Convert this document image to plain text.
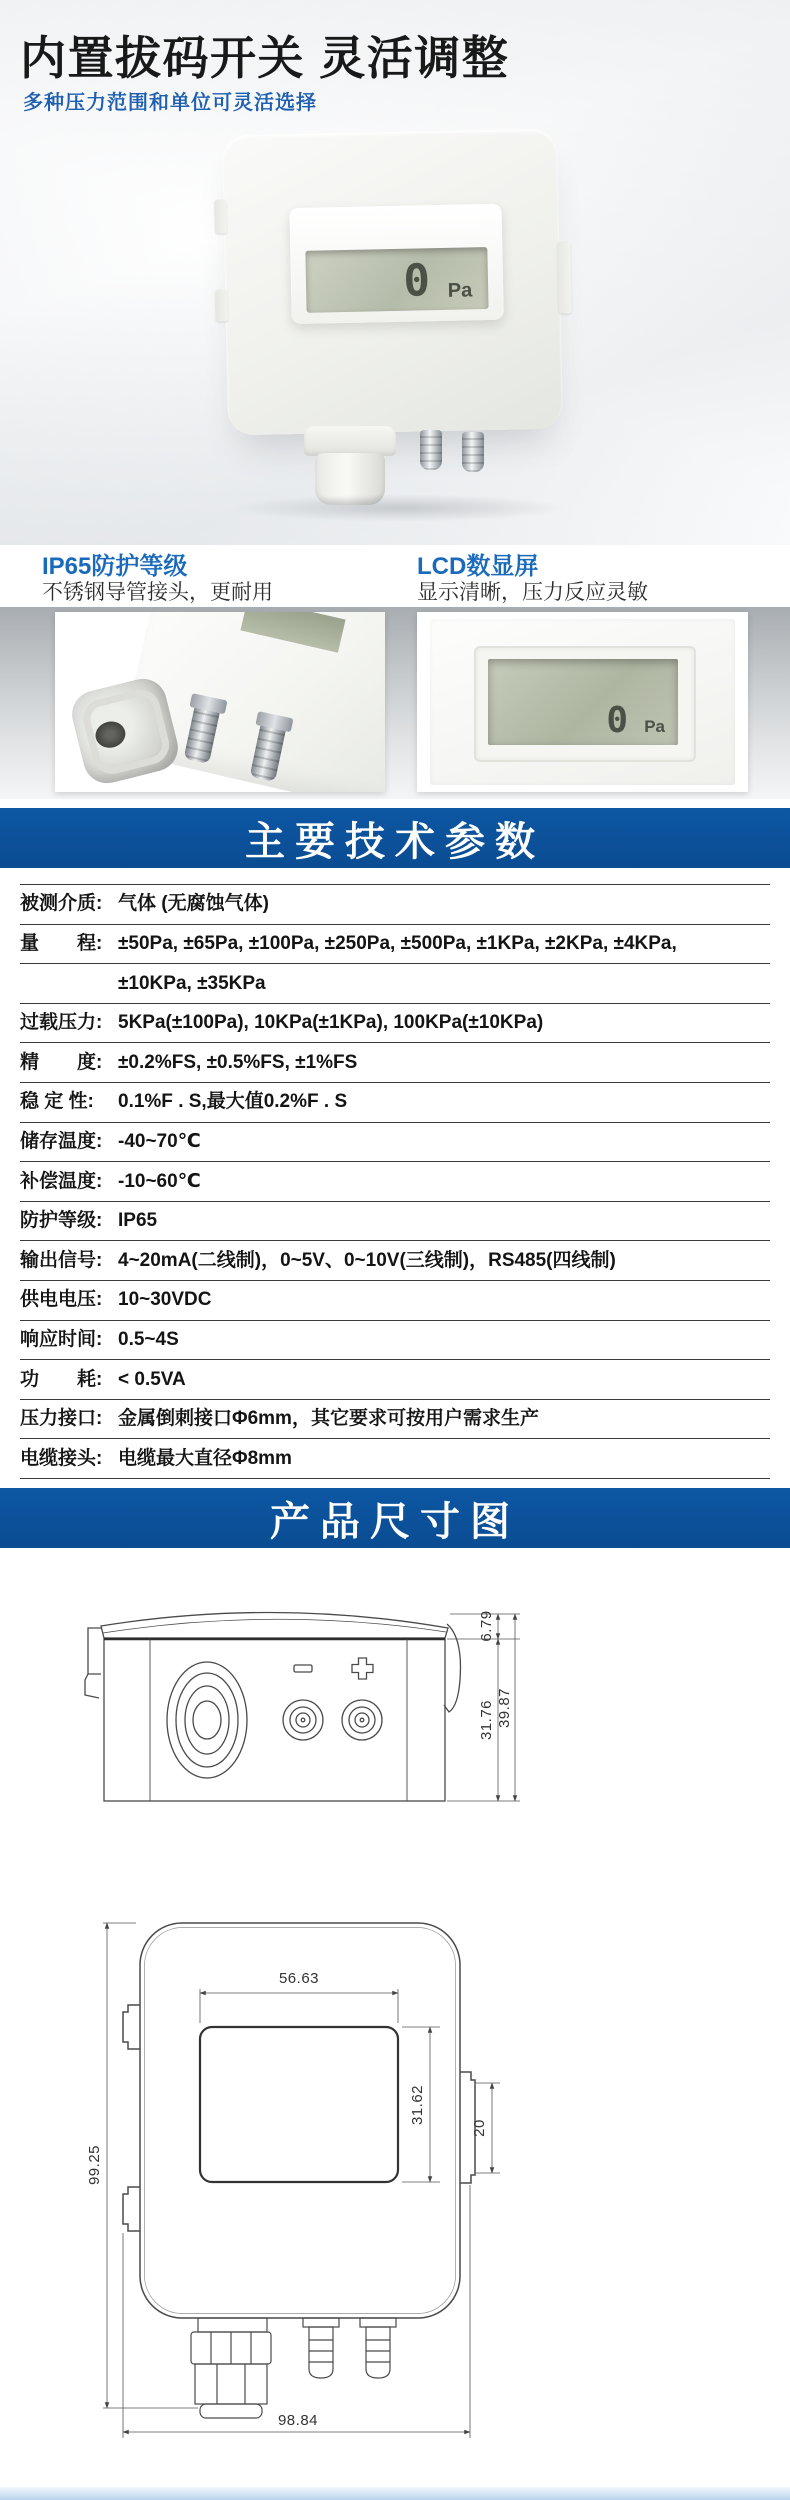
内置拔码开关 灵活调整
多种压力范围和单位可灵活选择
0 Pa
IP65防护等级
不锈钢导管接头，更耐用
LCD数显屏
显示清晰，压力反应灵敏
0 Pa
主要技术参数
被测介质: 气体 (无腐蚀气体)
量　　程: ±50Pa, ±65Pa, ±100Pa, ±250Pa, ±500Pa, ±1KPa, ±2KPa, ±4KPa,
±10KPa, ±35KPa
过载压力: 5KPa(±100Pa), 10KPa(±1KPa), 100KPa(±10KPa)
精　　度: ±0.2%FS, ±0.5%FS, ±1%FS
稳 定 性:	0.1%F . S,最大值0.2%F . S
储存温度: -40~70℃
补偿温度: -10~60℃
防护等级: IP65
输出信号: 4~20mA(二线制)，0~5V、0~10V(三线制)，RS485(四线制)
供电电压: 10~30VDC
响应时间: 0.5~4S
功　　耗: < 0.5VA
压力接口: 金属倒刺接口Φ6mm，其它要求可按用户需求生产
电缆接头: 电缆最大直径Φ8mm
产品尺寸图
6.79
31.76 39.87
56.63
31.62
20
99.25
98.84
